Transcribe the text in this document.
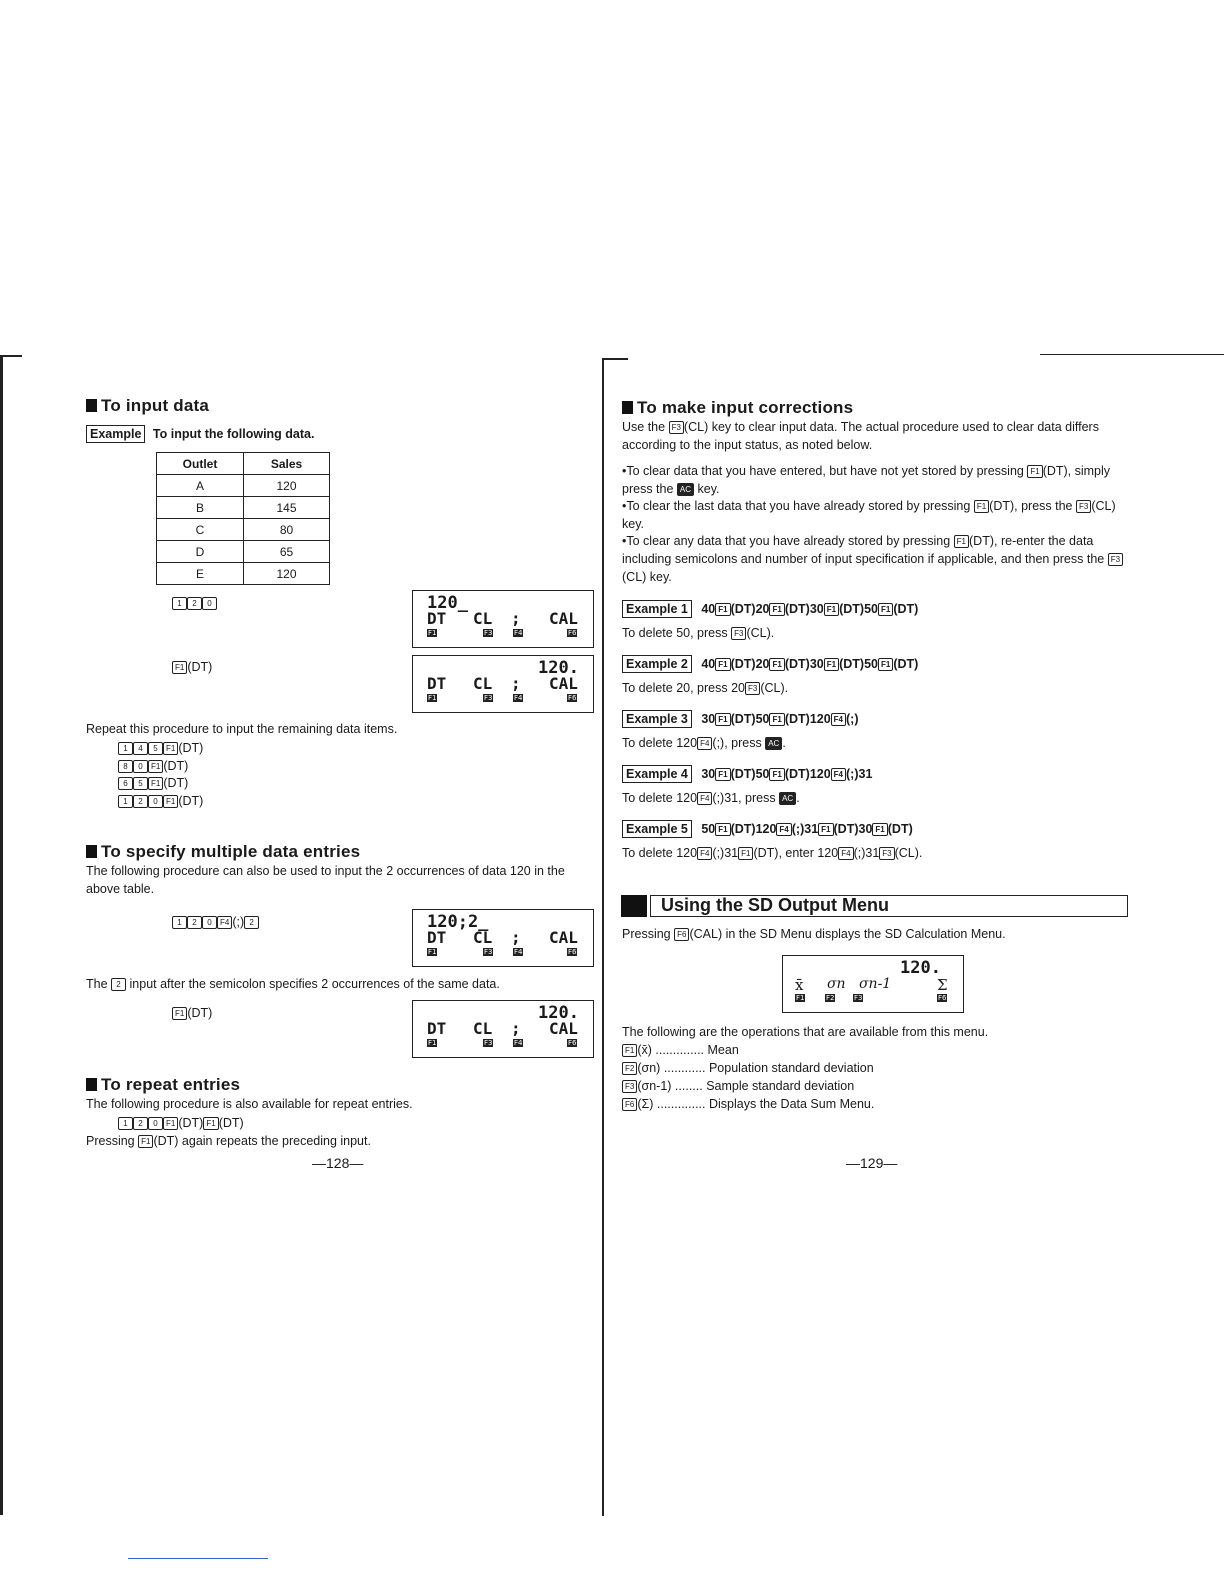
To input data
Example To input the following data.
Outlet	Sales
A	120
B	145
C	80
D	65
E	120
1 2 0
F1 (DT)
120_
DT CL ; CAL
F1	F3	F4	F6
120.
DT CL ; CAL
F1	F3	F4	F6
Repeat this procedure to input the remaining data items.
1 4 5 F1 (DT)
8 0 F1 (DT)
6 5 F1 (DT)
1 2 0 F1 (DT)
To specify multiple data entries
The following procedure can also be used to input the 2 occurrences of data 120 in the above table.
1 2 0 F4 (;) 2	120;2_
DT CL ; CAL
F1	F3	F4	F6
The 2 input after the semicolon specifies 2 occurrences of the same data.
F1 (DT)	120.
DT CL ; CAL
F1	F3	F4	F6
To repeat entries
The following procedure is also available for repeat entries.
1 2 0 F1 (DT) F1 (DT)
Pressing F1 (DT) again repeats the preceding input.
—128—
To make input corrections
Use the F3 (CL) key to clear input data. The actual procedure used to clear data differs according to the input status, as noted below.
•To clear data that you have entered, but have not yet stored by pressing F1 (DT), simply press the AC key.
•To clear the last data that you have already stored by pressing F1 (DT), press the F3 (CL) key.
•To clear any data that you have already stored by pressing F1 (DT), re-enter the data including semicolons and number of input specification if applicable, and then press the F3(CL) key.
Example 1 40 F1 (DT)20 F1 (DT)30 F1 (DT)50 F1 (DT)
To delete 50, press F3 (CL).
Example 2 40 F1 (DT)20 F1 (DT)30 F1 (DT)50 F1 (DT)
To delete 20, press 20 F3 (CL).
Example 3 30 F1 (DT)50 F1 (DT)120 F4 (;)
To delete 120 F4 (;), press AC .
Example 4 30 F1 (DT)50 F1 (DT)120 F4 (;)31
To delete 120 F4 (;)31, press AC .
Example 5 50 F1 (DT)120 F4 (;)31 F1 (DT)30 F1 (DT)
To delete 120 F4 (;)31 F1 (DT), enter 120 F4 (;)31 F3 (CL).
Using the SD Output Menu
Pressing F6 (CAL) in the SD Menu displays the SD Calculation Menu.
120.
x̄ σn σn-1	Σ
F1	F2	F3	F6
The following are the operations that are available from this menu.
F1 (x̄) .............. Mean
F2 (σn) ............ Population standard deviation
F3 (σn-1) ........ Sample standard deviation
F6 (Σ) .............. Displays the Data Sum Menu.
—129—
